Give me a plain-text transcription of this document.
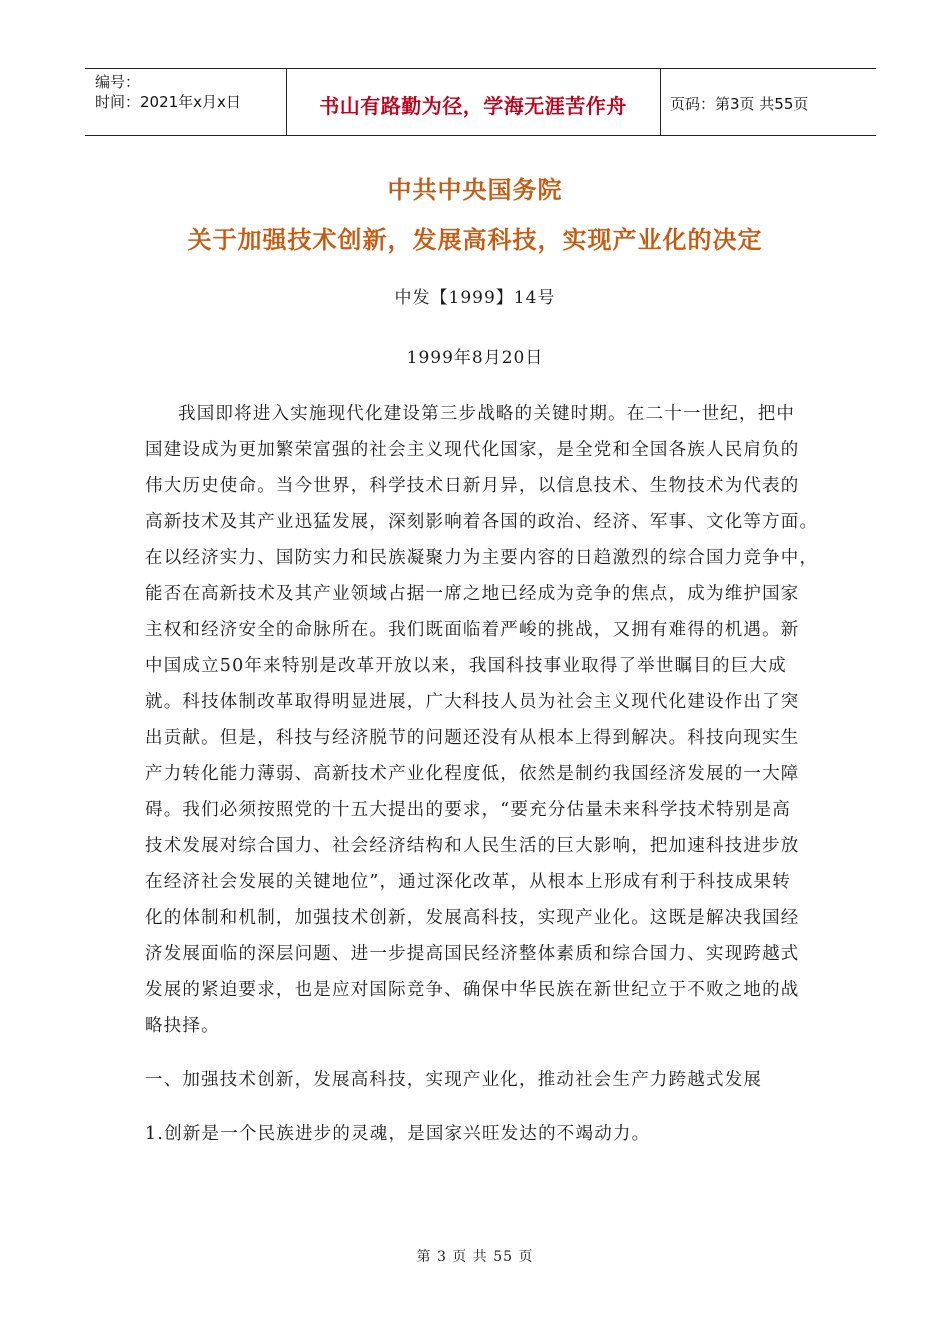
编号：
时间：2021年x月x日	书山有路勤为径，学海无涯苦作舟	页码：第3页 共55页
中共中央国务院
关于加强技术创新，发展高科技，实现产业化的决定
中发【1999】14号
1999年8月20日
我国即将进入实施现代化建设第三步战略的关键时期。在二十一世纪，把中
国建设成为更加繁荣富强的社会主义现代化国家，是全党和全国各族人民肩负的
伟大历史使命。当今世界，科学技术日新月异，以信息技术、生物技术为代表的
高新技术及其产业迅猛发展，深刻影响着各国的政治、经济、军事、文化等方面。
在以经济实力、国防实力和民族凝聚力为主要内容的日趋激烈的综合国力竞争中，
能否在高新技术及其产业领域占据一席之地已经成为竞争的焦点，成为维护国家
主权和经济安全的命脉所在。我们既面临着严峻的挑战，又拥有难得的机遇。新
中国成立50年来特别是改革开放以来，我国科技事业取得了举世瞩目的巨大成
就。科技体制改革取得明显进展，广大科技人员为社会主义现代化建设作出了突
出贡献。但是，科技与经济脱节的问题还没有从根本上得到解决。科技向现实生
产力转化能力薄弱、高新技术产业化程度低，依然是制约我国经济发展的一大障
碍。我们必须按照党的十五大提出的要求，“要充分估量未来科学技术特别是高
技术发展对综合国力、社会经济结构和人民生活的巨大影响，把加速科技进步放
在经济社会发展的关键地位”，通过深化改革，从根本上形成有利于科技成果转
化的体制和机制，加强技术创新，发展高科技，实现产业化。这既是解决我国经
济发展面临的深层问题、进一步提高国民经济整体素质和综合国力、实现跨越式
发展的紧迫要求，也是应对国际竞争、确保中华民族在新世纪立于不败之地的战
略抉择。
一、加强技术创新，发展高科技，实现产业化，推动社会生产力跨越式发展
1.创新是一个民族进步的灵魂，是国家兴旺发达的不竭动力。
第 3 页 共 55 页
